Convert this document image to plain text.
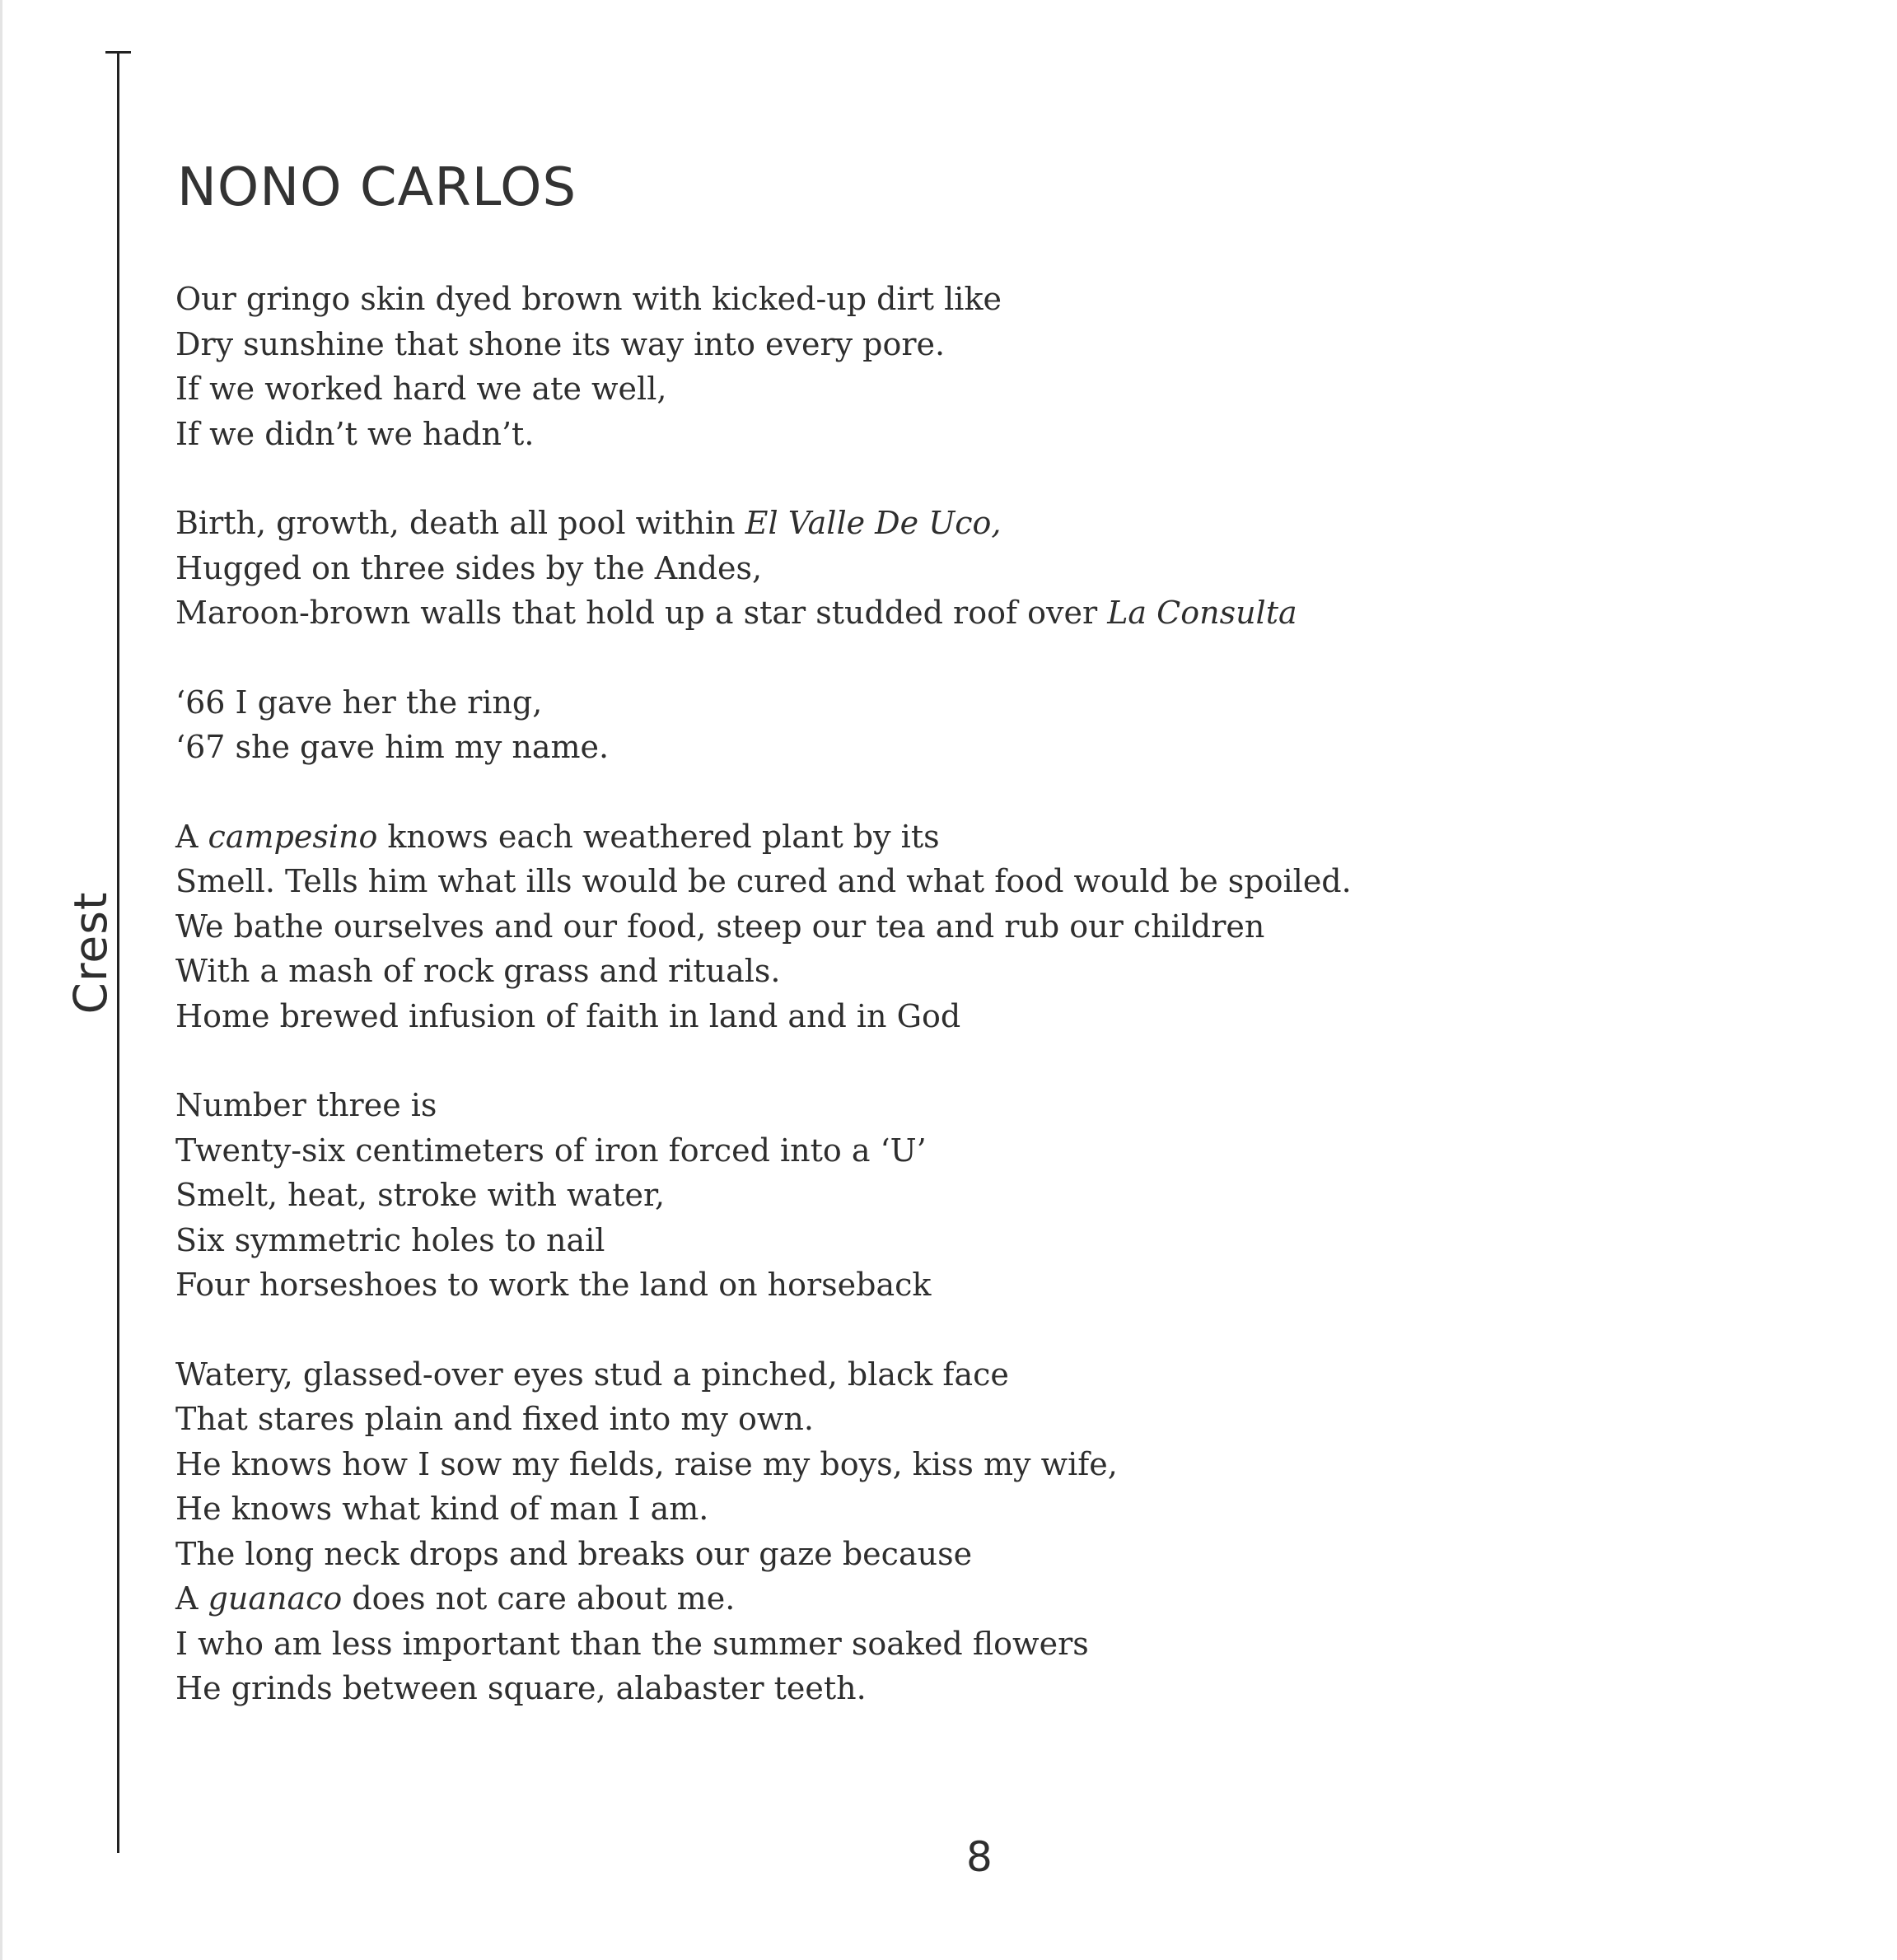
Crest
NONO CARLOS
Our gringo skin dyed brown with kicked-up dirt like
Dry sunshine that shone its way into every pore.
If we worked hard we ate well,
If we didn’t we hadn’t.
Birth, growth, death all pool within El Valle De Uco,
Hugged on three sides by the Andes,
Maroon-brown walls that hold up a star studded roof over La Consulta
‘66 I gave her the ring,
‘67 she gave him my name.
A campesino knows each weathered plant by its
Smell. Tells him what ills would be cured and what food would be spoiled.
We bathe ourselves and our food, steep our tea and rub our children
With a mash of rock grass and rituals.
Home brewed infusion of faith in land and in God
Number three is
Twenty-six centimeters of iron forced into a ‘U’
Smelt, heat, stroke with water,
Six symmetric holes to nail
Four horseshoes to work the land on horseback
Watery, glassed-over eyes stud a pinched, black face
That stares plain and fixed into my own.
He knows how I sow my fields, raise my boys, kiss my wife,
He knows what kind of man I am.
The long neck drops and breaks our gaze because
A guanaco does not care about me.
I who am less important than the summer soaked flowers
He grinds between square, alabaster teeth.
8
